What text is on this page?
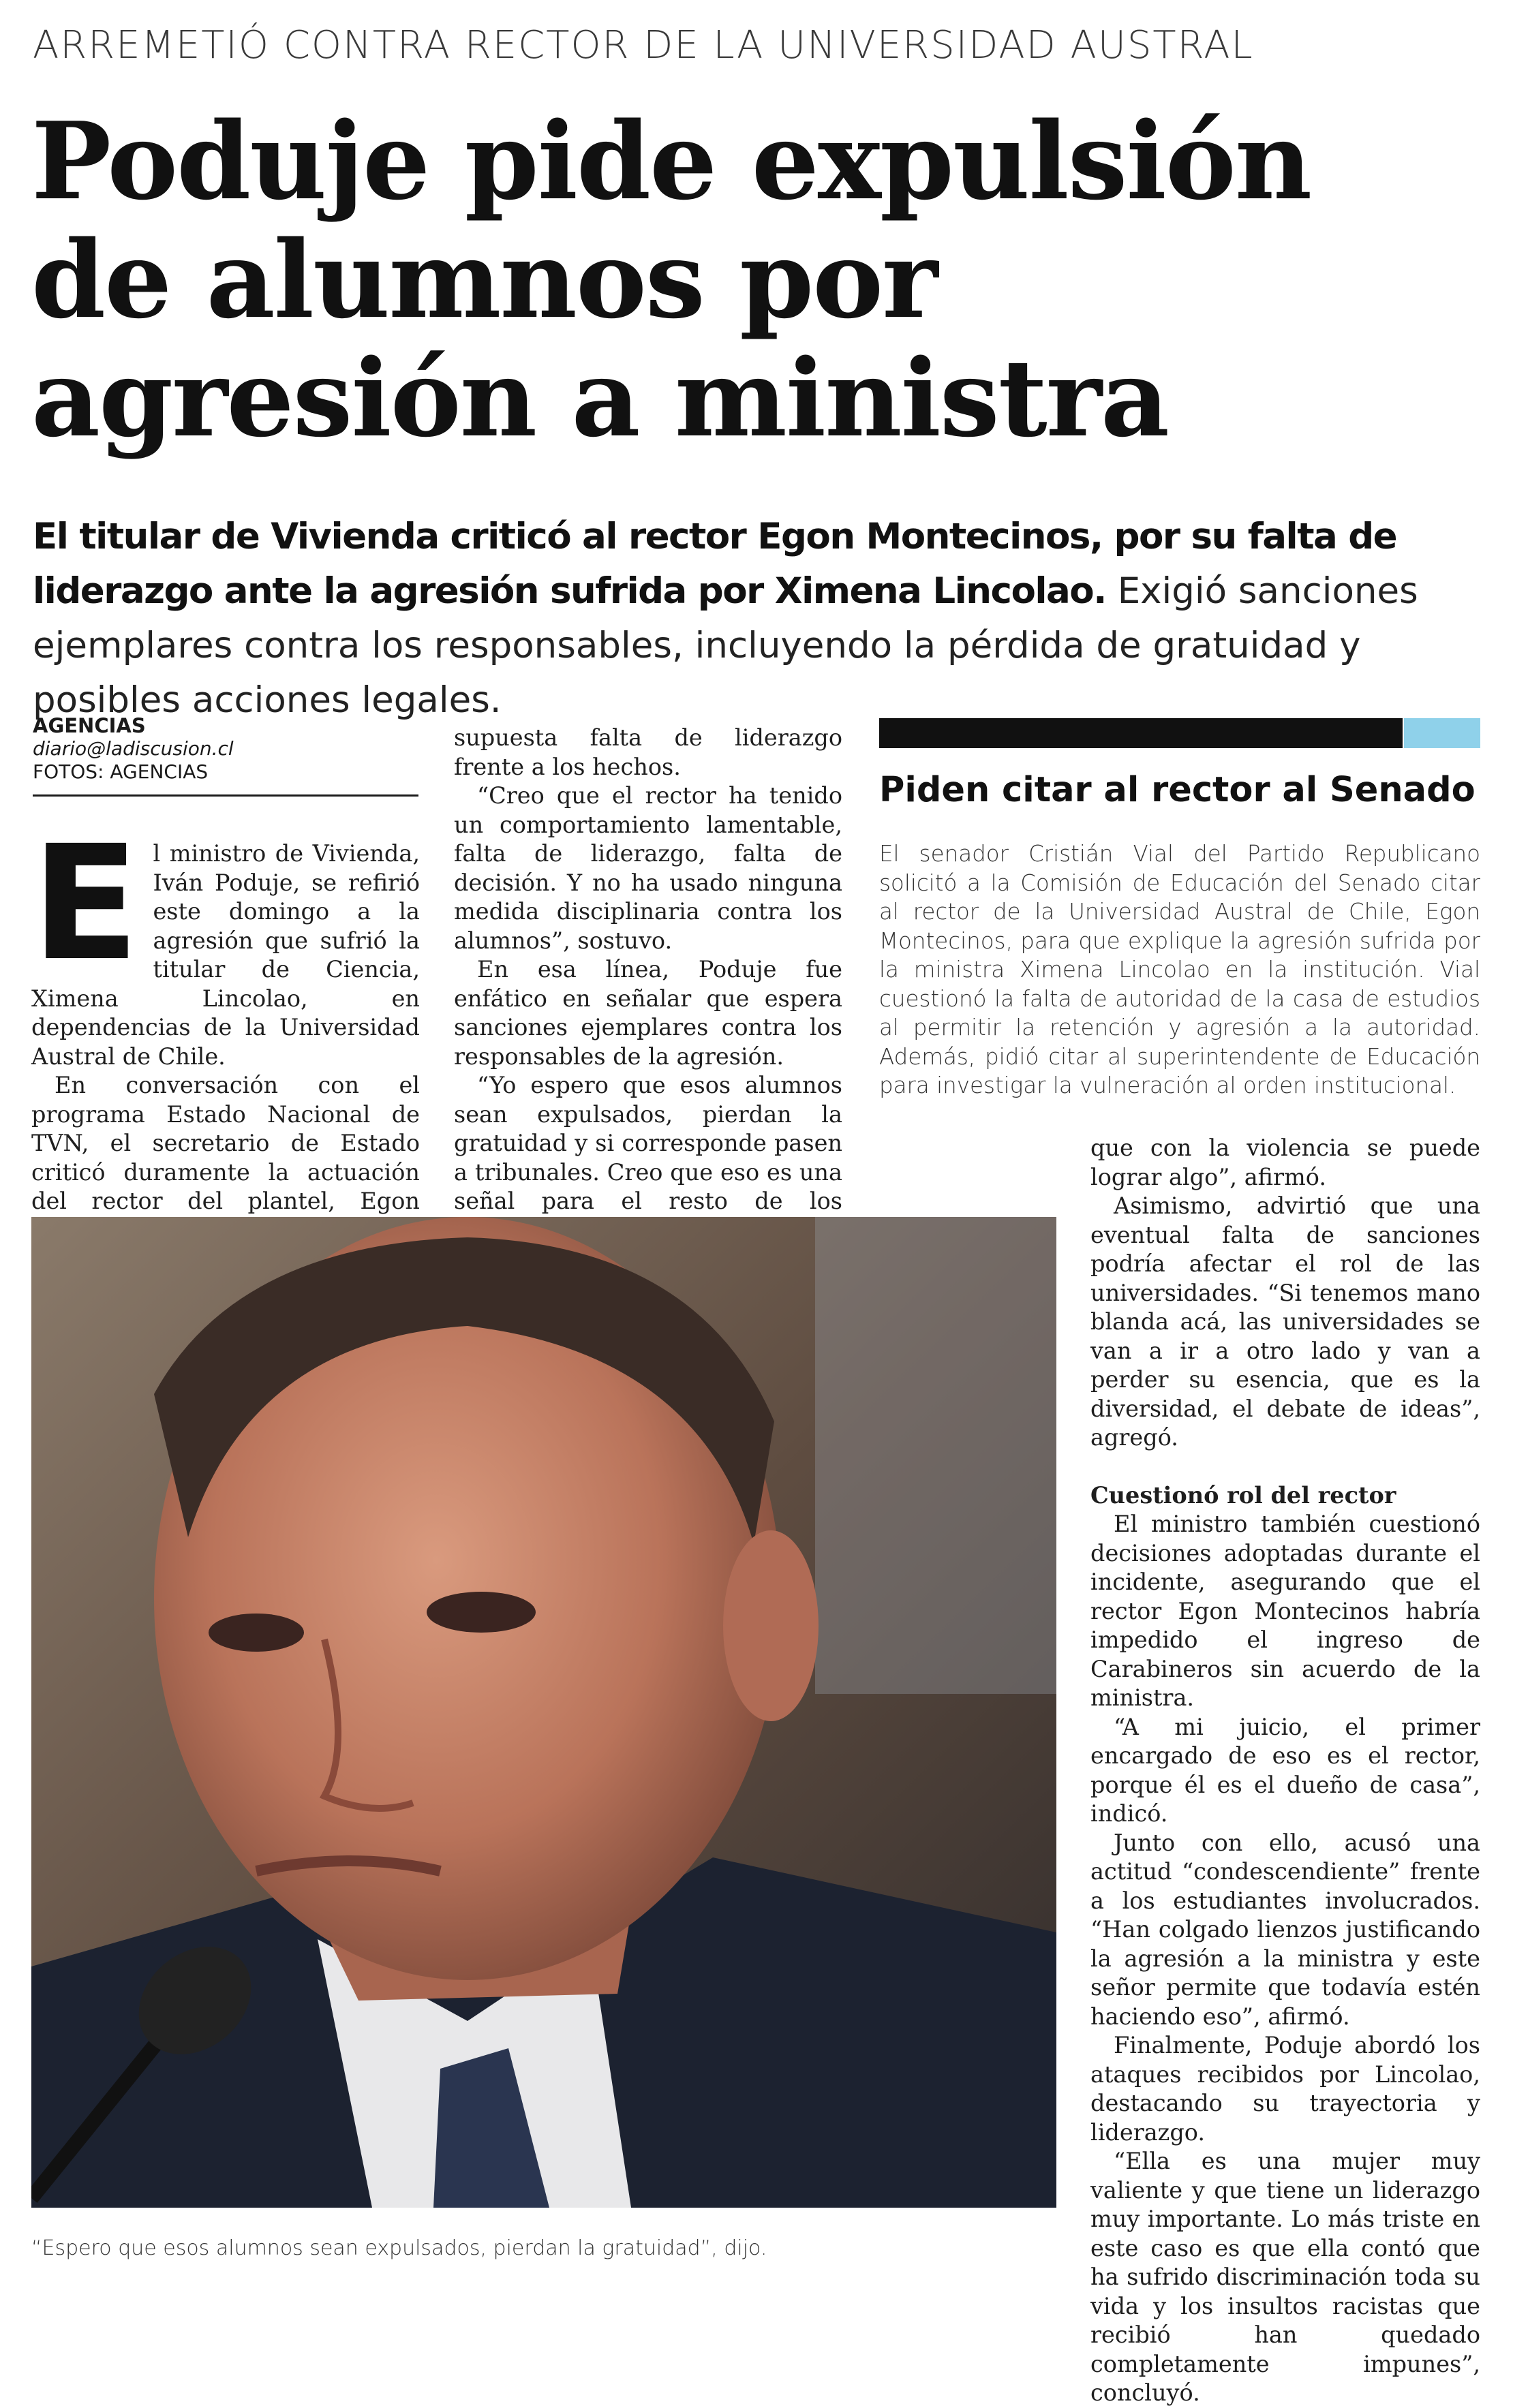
ARREMETIÓ CONTRA RECTOR DE LA UNIVERSIDAD AUSTRAL
Poduje pide expulsión
de alumnos por
agresión a ministra
El titular de Vivienda criticó al rector Egon Montecinos, por su falta de liderazgo ante la agresión sufrida por Ximena Lincolao. Exigió sanciones ejemplares contra los responsables, incluyendo la pérdida de gratuidad y posibles acciones legales.
AGENCIAS
diario@ladiscusion.cl
FOTOS: AGENCIAS
E l ministro de Vivienda, Iván Poduje, se refirió este domingo a la agresión que sufrió la titular de Ciencia, Ximena Lincolao, en dependencias de la Universidad Austral de Chile.

En conversación con el programa Estado Nacional de TVN, el secretario de Estado criticó duramente la actuación del rector del plantel, Egon

supuesta falta de liderazgo frente a los hechos.

“Creo que el rector ha tenido un comportamiento lamentable, falta de liderazgo, falta de decisión. Y no ha usado ninguna medida disciplinaria contra los alumnos”, sostuvo.

En esa línea, Poduje fue enfático en señalar que espera sanciones ejemplares contra los responsables de la agresión.

“Yo espero que esos alumnos sean expulsados, pierdan la gratuidad y si corresponde pasen a tribunales. Creo que eso es una señal para el resto de los

Piden citar al rector al Senado

El senador Cristián Vial del Partido Republicano solicitó a la Comisión de Educación del Senado citar al rector de la Universidad Austral de Chile, Egon Montecinos, para que explique la agresión sufrida por la ministra Ximena Lincolao en la institución. Vial cuestionó la falta de autoridad de la casa de estudios al permitir la retención y agresión a la autoridad. Además, pidió citar al superintendente de Educación para investigar la vulneración al orden institucional.

que con la violencia se puede lograr algo”, afirmó.

Asimismo, advirtió que una eventual falta de sanciones podría afectar el rol de las universidades. “Si tenemos mano blanda acá, las universidades se van a ir a otro lado y van a perder su esencia, que es la diversidad, el debate de ideas”, agregó.

Cuestionó rol del rector

El ministro también cuestionó decisiones adoptadas durante el incidente, asegurando que el rector Egon Montecinos habría impedido el ingreso de Carabineros sin acuerdo de la ministra.

“A mi juicio, el primer encargado de eso es el rector, porque él es el dueño de casa”, indicó.

Junto con ello, acusó una actitud “condescendiente” frente a los estudiantes involucrados. “Han colgado lienzos justificando la agresión a la ministra y este señor permite que todavía estén haciendo eso”, afirmó.

Finalmente, Poduje abordó los ataques recibidos por Lincolao, destacando su trayectoria y liderazgo.

“Ella es una mujer muy valiente y que tiene un liderazgo muy importante. Lo más triste en este caso es que ella contó que ha sufrido discriminación toda su vida y los insultos racistas que recibió han quedado completamente impunes”, concluyó.

“Espero que esos alumnos sean expulsados, pierdan la gratuidad”, dijo.
